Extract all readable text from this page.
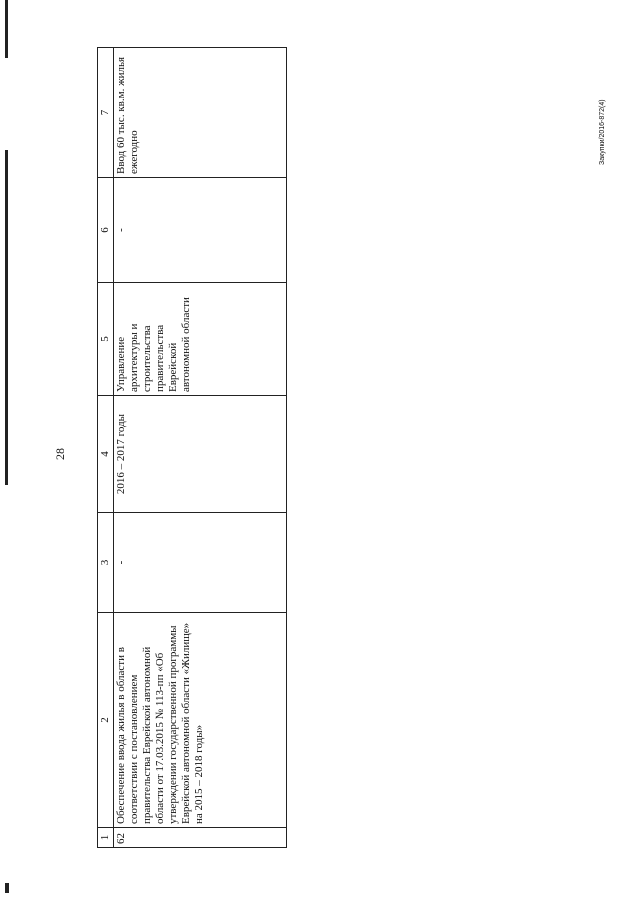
28
Закупки/2016-872(4)
1	2	3	4	5	6	7
62	Обеспечение ввода жилья в области в соответствии с постановлением правительства Еврейской автономной области от 17.03.2015 № 113-пп «Об утверждении государственной программы Еврейской автономной области «Жилище» на 2015 – 2018 годы»	-	2016 – 2017 годы	Управление архитектуры и строительства правительства Еврейской автономной области	-	Ввод 60 тыс. кв.м. жилья ежегодно
